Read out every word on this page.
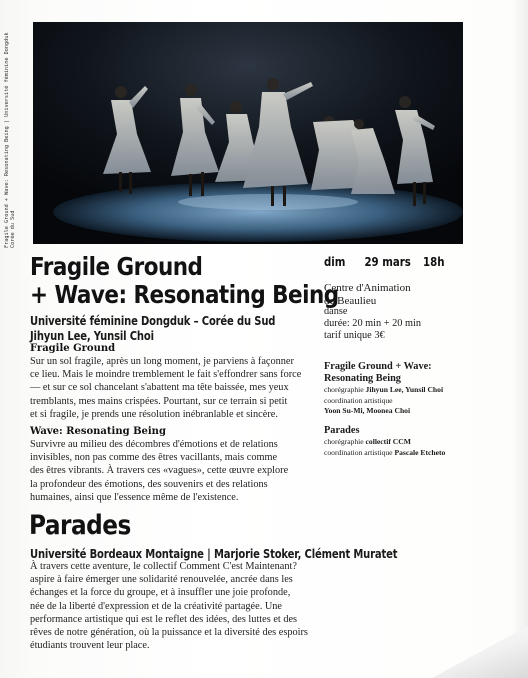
Fragile Ground + Wave: Resonating Being | Université féminine Dongduk Corée du Sud
Fragile Ground
+ Wave: Resonating Being

Université féminine Dongduk – Corée du Sud

Jihyun Lee, Yunsil Choi

Fragile Ground

Sur un sol fragile, après un long moment, je parviens à façonner
ce lieu. Mais le moindre tremblement le fait s'effondrer sans force
— et sur ce sol chancelant s'abattent ma tête baissée, mes yeux
tremblants, mes mains crispées. Pourtant, sur ce terrain si petit
et si fragile, je prends une résolution inébranlable et sincère.

Wave: Resonating Being

Survivre au milieu des décombres d'émotions et de relations
invisibles, non pas comme des êtres vacillants, mais comme
des êtres vibrants. À travers ces «vagues», cette œuvre explore
la profondeur des émotions, des souvenirs et des relations
humaines, ainsi que l'essence même de l'existence.
Parades

Université Bordeaux Montaigne | Marjorie Stoker, Clément Muratet

À travers cette aventure, le collectif Comment C'est Maintenant?
aspire à faire émerger une solidarité renouvelée, ancrée dans les
échanges et la force du groupe, et à insuffler une joie profonde,
née de la liberté d'expression et de la créativité partagée. Une
performance artistique qui est le reflet des idées, des luttes et des
rêves de notre génération, où la puissance et la diversité des espoirs
étudiants trouvent leur place.
dim 29 mars 18h
Centre d'Animation
de Beaulieu
danse
durée: 20 min + 20 min
tarif unique 3€
Fragile Ground + Wave:
Resonating Being
chorégraphie Jihyun Lee, Yunsil Choi
coordination artistique
Yoon Su-Mi, Moonea Choi
Parades
chorégraphie collectif CCM
coordination artistique Pascale Etcheto
